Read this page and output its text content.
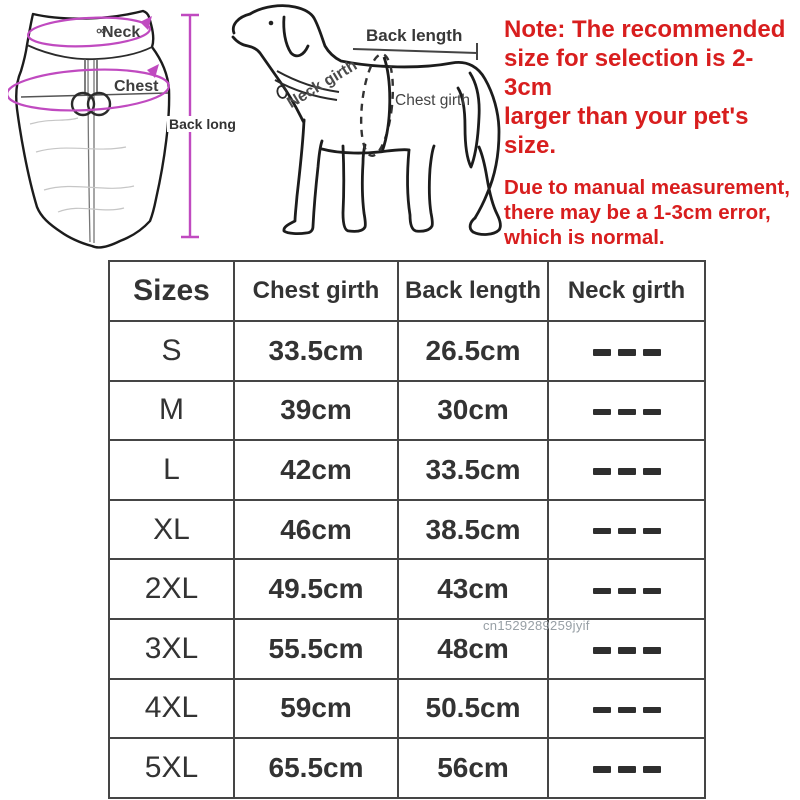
Neck
Chest
Back long
Back length
Neck girth Chest girth
Note: The recommended
size for selection is 2-3cm
larger than your pet's size.
Due to manual measurement,
there may be a 1-3cm error,
which is normal.
Sizes	Chest girth	Back length	Neck girth
S	33.5cm	26.5cm	
M	39cm	30cm	
L	42cm	33.5cm	
XL	46cm	38.5cm	
2XL	49.5cm	43cm	
3XL	55.5cm	48cm	
4XL	59cm	50.5cm	
5XL	65.5cm	56cm	
cn1529289259jyif
